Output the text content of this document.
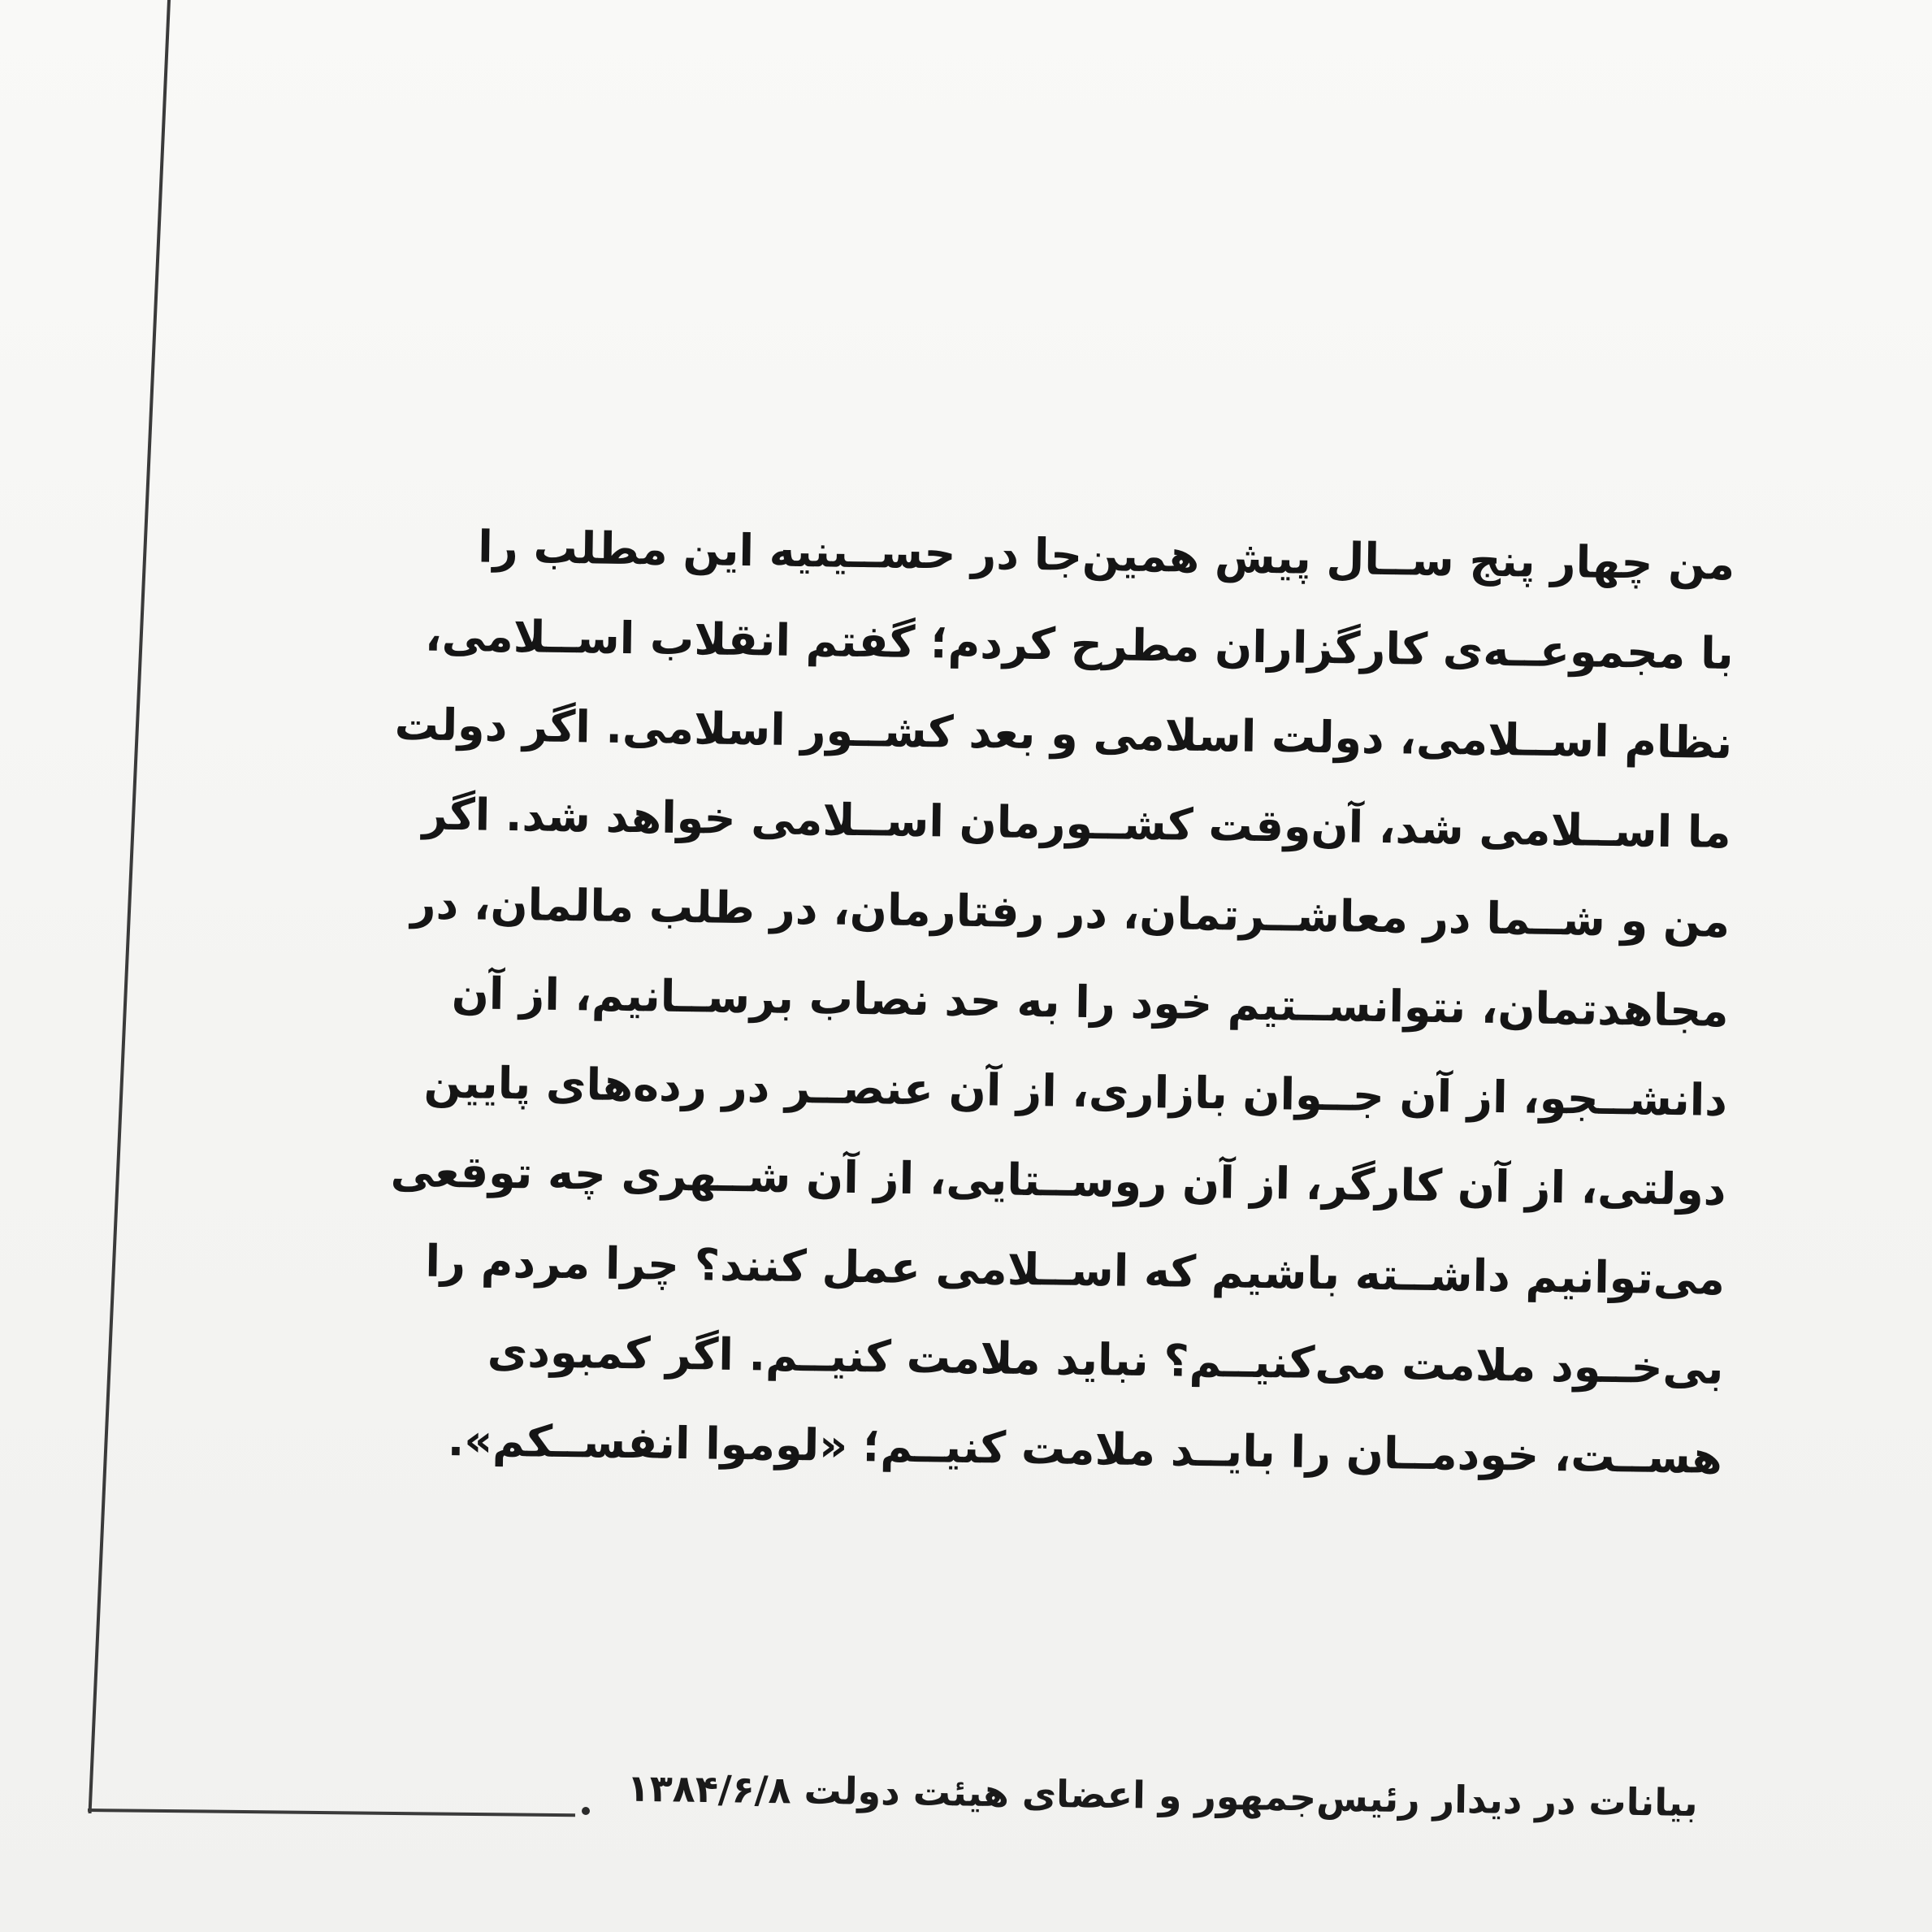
من چهار پنج ســال پیش همین‌جا در حســینیه این مطلب را
با مجموعــه‌ی کارگزاران مطرح کردم؛ گفتم انقلاب اســلامی،
نظام اســلامی، دولت اسلامی و بعد کشــور اسلامی. اگر دولت
ما اســلامی شد، آن‌وقت کشــورمان اســلامی خواهد شد. اگر
من و شــما در معاشــرتمان، در رفتارمان، در طلب مالمان، در
مجاهدتمان، نتوانســتیم خود را به حد نصاب برســانیم، از آن
دانشــجو، از آن جــوان بازاری، از آن عنصــر در رده‌های پایین
دولتی، از آن کارگر، از آن روســتایی، از آن شــهری چه توقعی
می‌توانیم داشــته باشیم که اســلامی عمل کنند؟ چرا مردم را
بی‌خــود ملامت می‌کنیــم؟ نباید ملامت کنیــم. اگر کمبودی
هســت، خودمــان را بایــد ملامت کنیــم؛ «لوموا انفســکم».
بیانات در دیدار رئیس‌جمهور و اعضای هیئت دولت ۱۳۸۴/۶/۸
